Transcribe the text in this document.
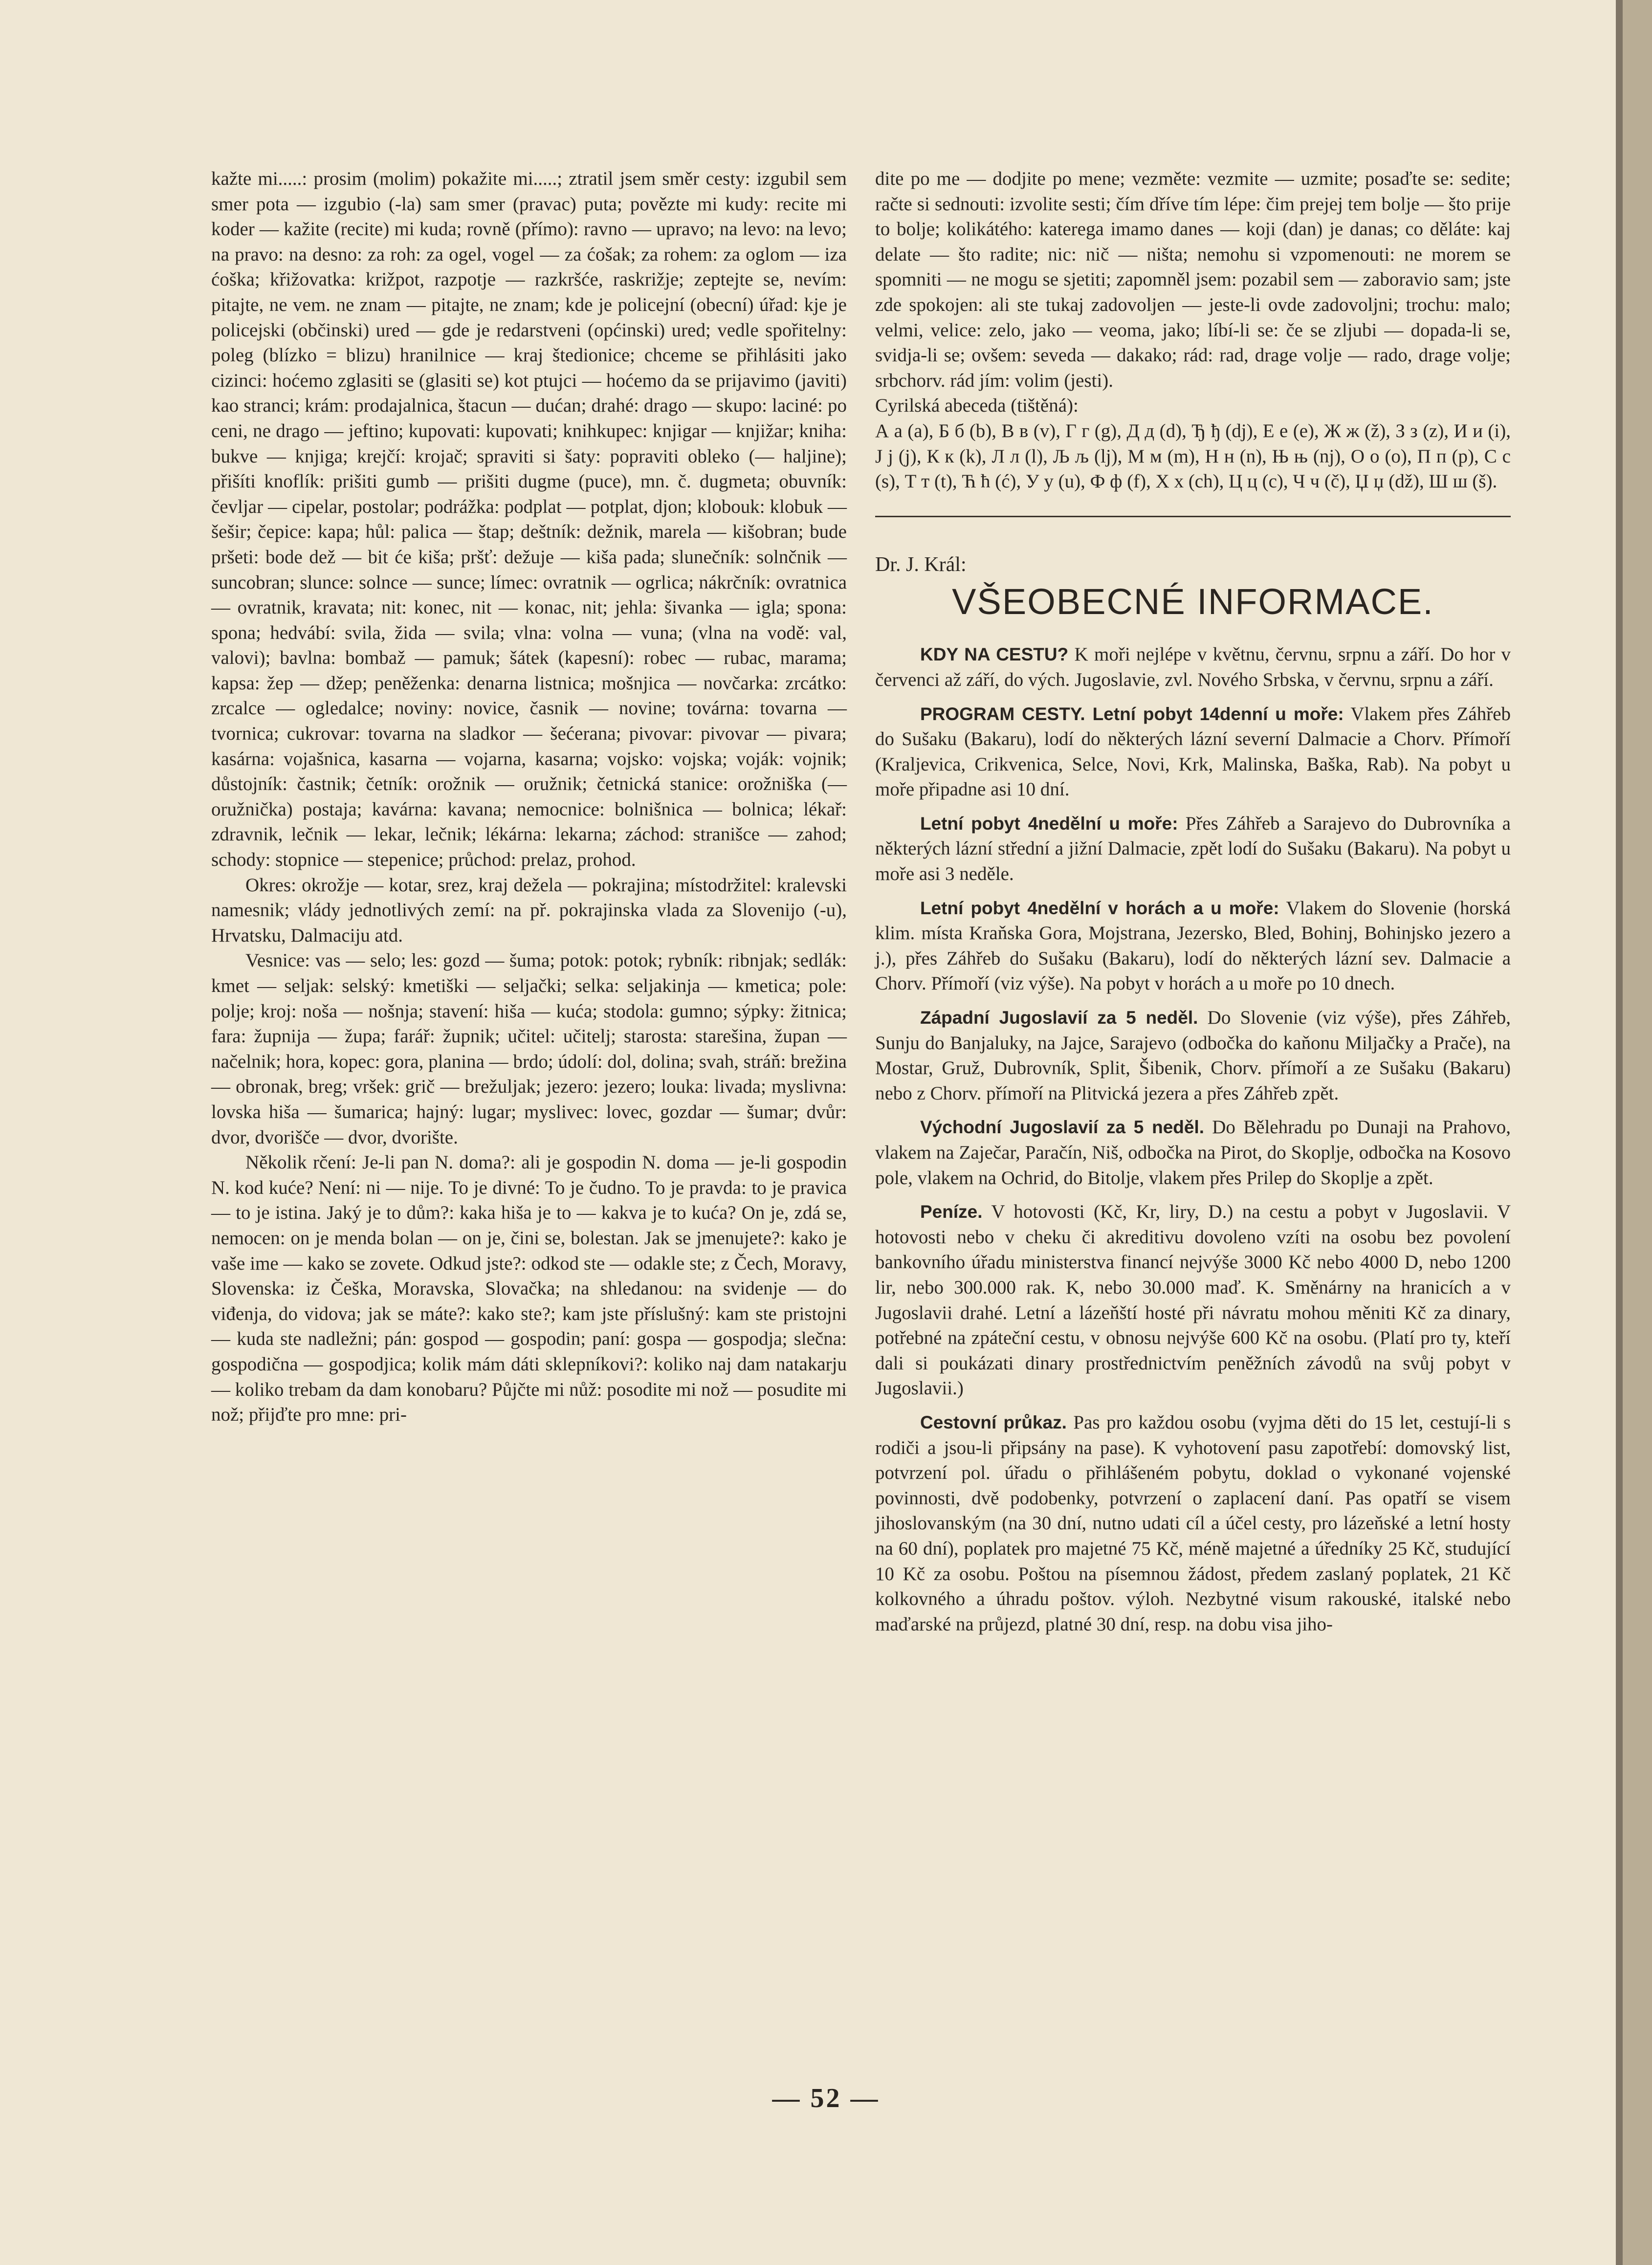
kažte mi.....: prosim (molim) pokažite mi.....; ztratil jsem směr cesty: izgubil sem smer pota — izgubio (-la) sam smer (pravac) puta; povězte mi kudy: recite mi koder — kažite (recite) mi kuda; rovně (přímo): ravno — upravo; na levo: na levo; na pravo: na desno: za roh: za ogel, vogel — za ćošak; za rohem: za oglom — iza ćoška; křižovatka: križpot, razpotje — razkršće, raskrižje; zeptejte se, nevím: pitajte, ne vem. ne znam — pitajte, ne znam; kde je policejní (obecní) úřad: kje je policejski (občinski) ured — gde je redarstveni (općinski) ured; vedle spořitelny: poleg (blízko = blizu) hranilnice — kraj štedionice; chceme se přihlásiti jako cizinci: hoćemo zglasiti se (glasiti se) kot ptujci — hoćemo da se prijavimo (javiti) kao stranci; krám: prodajalnica, štacun — dućan; drahé: drago — skupo: laciné: po ceni, ne drago — jeftino; kupovati: kupovati; knihkupec: knjigar — knjižar; kniha: bukve — knjiga; krejčí: krojač; spraviti si šaty: popraviti obleko (— haljine); přišíti knoflík: prišiti gumb — prišiti dugme (puce), mn. č. dugmeta; obuvník: čevljar — cipelar, postolar; podrážka: podplat — potplat, djon; klobouk: klobuk — šešir; čepice: kapa; hůl: palica — štap; deštník: dežnik, marela — kišobran; bude pršeti: bode dež — bit će kiša; pršť: dežuje — kiša pada; slunečník: solnčnik — suncobran; slunce: solnce — sunce; límec: ovratnik — ogrlica; nákrčník: ovratnica — ovratnik, kravata; nit: konec, nit — konac, nit; jehla: šivanka — igla; spona: spona; hedvábí: svila, žida — svila; vlna: volna — vuna; (vlna na vodě: val, valovi); bavlna: bombaž — pamuk; šátek (kapesní): robec — rubac, marama; kapsa: žep — džep; peněženka: denarna listnica; mošnjica — novčarka: zrcátko: zrcalce — ogledalce; noviny: novice, časnik — novine; továrna: tovarna — tvornica; cukrovar: tovarna na sladkor — šećerana; pivovar: pivovar — pivara; kasárna: vojašnica, kasarna — vojarna, kasarna; vojsko: vojska; voják: vojnik; důstojník: častnik; četník: orožnik — oružnik; četnická stanice: orožniška (— oružnička) postaja; kavárna: kavana; nemocnice: bolnišnica — bolnica; lékař: zdravnik, lečnik — lekar, lečnik; lékárna: lekarna; záchod: stranišce — zahod; schody: stopnice — stepenice; průchod: prelaz, prohod.

Okres: okrožje — kotar, srez, kraj dežela — pokrajina; místodržitel: kralevski namesnik; vlády jednotlivých zemí: na př. pokrajinska vlada za Slovenijo (-u), Hrvatsku, Dalmaciju atd.

Vesnice: vas — selo; les: gozd — šuma; potok: potok; rybník: ribnjak; sedlák: kmet — seljak: selský: kmetiški — seljački; selka: seljakinja — kmetica; pole: polje; kroj: noša — nošnja; stavení: hiša — kuća; stodola: gumno; sýpky: žitnica; fara: župnija — župa; farář: župnik; učitel: učitelj; starosta: starešina, župan — načelnik; hora, kopec: gora, planina — brdo; údolí: dol, dolina; svah, stráň: brežina — obronak, breg; vršek: grič — brežuljak; jezero: jezero; louka: livada; myslivna: lovska hiša — šumarica; hajný: lugar; myslivec: lovec, gozdar — šumar; dvůr: dvor, dvorišče — dvor, dvorište.

Několik rčení: Je-li pan N. doma?: ali je gospodin N. doma — je-li gospodin N. kod kuće? Není: ni — nije. To je divné: To je čudno. To je pravda: to je pravica — to je istina. Jaký je to dům?: kaka hiša je to — kakva je to kuća? On je, zdá se, nemocen: on je menda bolan — on je, čini se, bolestan. Jak se jmenujete?: kako je vaše ime — kako se zovete. Odkud jste?: odkod ste — odakle ste; z Čech, Moravy, Slovenska: iz Češka, Moravska, Slovačka; na shledanou: na svidenje — do viđenja, do vidova; jak se máte?: kako ste?; kam jste příslušný: kam ste pristojni — kuda ste nadležni; pán: gospod — gospodin; paní: gospa — gospodja; slečna: gospodična — gospodjica; kolik mám dáti sklepníkovi?: koliko naj dam natakarju — koliko trebam da dam konobaru? Půjčte mi nůž: posodite mi nož — posudite mi nož; přijďte pro mne: pri-

dite po me — dodjite po mene; vezměte: vezmite — uzmite; posaďte se: sedite; račte si sednouti: izvolite sesti; čím dříve tím lépe: čim prejej tem bolje — što prije to bolje; kolikátého: katerega imamo danes — koji (dan) je danas; co děláte: kaj delate — što radite; nic: nič — ništa; nemohu si vzpomenouti: ne morem se spomniti — ne mogu se sjetiti; zapomněl jsem: pozabil sem — zaboravio sam; jste zde spokojen: ali ste tukaj zadovoljen — jeste-li ovde zadovoljni; trochu: malo; velmi, velice: zelo, jako — veoma, jako; líbí-li se: če se zljubi — dopada-li se, svidja-li se; ovšem: seveda — dakako; rád: rad, drage volje — rado, drage volje; srbchorv. rád jím: volim (jesti).

Cyrilská abeceda (tištěná):

А а (a), Б б (b), В в (v), Г г (g), Д д (d), Ђ ђ (dj), Е е (e), Ж ж (ž), З з (z), И и (i), Ј ј (j), К к (k), Л л (l), Љ љ (lj), М м (m), Н н (n), Њ њ (nj), О о (o), П п (p), С с (s), Т т (t), Ћ ћ (ć), У у (u), Ф ф (f), Х х (ch), Ц ц (c), Ч ч (č), Џ џ (dž), Ш ш (š).

Dr. J. Král:

VŠEOBECNÉ INFORMACE.

KDY NA CESTU? K moři nejlépe v květnu, červnu, srpnu a září. Do hor v červenci až září, do vých. Jugoslavie, zvl. Nového Srbska, v červnu, srpnu a září.

PROGRAM CESTY. Letní pobyt 14denní u moře: Vlakem přes Záhřeb do Sušaku (Bakaru), lodí do některých lázní severní Dalmacie a Chorv. Přímoří (Kraljevica, Crikvenica, Selce, Novi, Krk, Malinska, Baška, Rab). Na pobyt u moře připadne asi 10 dní.

Letní pobyt 4nedělní u moře: Přes Záhřeb a Sarajevo do Dubrovníka a některých lázní střední a jižní Dalmacie, zpět lodí do Sušaku (Bakaru). Na pobyt u moře asi 3 neděle.

Letní pobyt 4nedělní v horách a u moře: Vlakem do Slovenie (horská klim. místa Kraňska Gora, Mojstrana, Jezersko, Bled, Bohinj, Bohinjsko jezero a j.), přes Záhřeb do Sušaku (Bakaru), lodí do některých lázní sev. Dalmacie a Chorv. Přímoří (viz výše). Na pobyt v horách a u moře po 10 dnech.

Západní Jugoslavií za 5 neděl. Do Slovenie (viz výše), přes Záhřeb, Sunju do Banjaluky, na Jajce, Sarajevo (odbočka do kaňonu Miljačky a Prače), na Mostar, Gruž, Dubrovník, Split, Šibenik, Chorv. přímoří a ze Sušaku (Bakaru) nebo z Chorv. přímoří na Plitvická jezera a přes Záhřeb zpět.

Východní Jugoslavií za 5 neděl. Do Bělehradu po Dunaji na Prahovo, vlakem na Zaječar, Paračín, Niš, odbočka na Pirot, do Skoplje, odbočka na Kosovo pole, vlakem na Ochrid, do Bitolje, vlakem přes Prilep do Skoplje a zpět.

Peníze. V hotovosti (Kč, Kr, liry, D.) na cestu a pobyt v Jugoslavii. V hotovosti nebo v cheku či akreditivu dovoleno vzíti na osobu bez povolení bankovního úřadu ministerstva financí nejvýše 3000 Kč nebo 4000 D, nebo 1200 lir, nebo 300.000 rak. K, nebo 30.000 maď. K. Směnárny na hranicích a v Jugoslavii drahé. Letní a lázeňští hosté při návratu mohou měniti Kč za dinary, potřebné na zpáteční cestu, v obnosu nejvýše 600 Kč na osobu. (Platí pro ty, kteří dali si poukázati dinary prostřednictvím peněžních závodů na svůj pobyt v Jugoslavii.)

Cestovní průkaz. Pas pro každou osobu (vyjma děti do 15 let, cestují-li s rodiči a jsou-li připsány na pase). K vyhotovení pasu zapotřebí: domovský list, potvrzení pol. úřadu o přihlášeném pobytu, doklad o vykonané vojenské povinnosti, dvě podobenky, potvrzení o zaplacení daní. Pas opatří se visem jihoslovanským (na 30 dní, nutno udati cíl a účel cesty, pro lázeňské a letní hosty na 60 dní), poplatek pro majetné 75 Kč, méně majetné a úředníky 25 Kč, studující 10 Kč za osobu. Poštou na písemnou žádost, předem zaslaný poplatek, 21 Kč kolkovného a úhradu poštov. výloh. Nezbytné visum rakouské, italské nebo maďarské na průjezd, platné 30 dní, resp. na dobu visa jiho-

— 52 —
